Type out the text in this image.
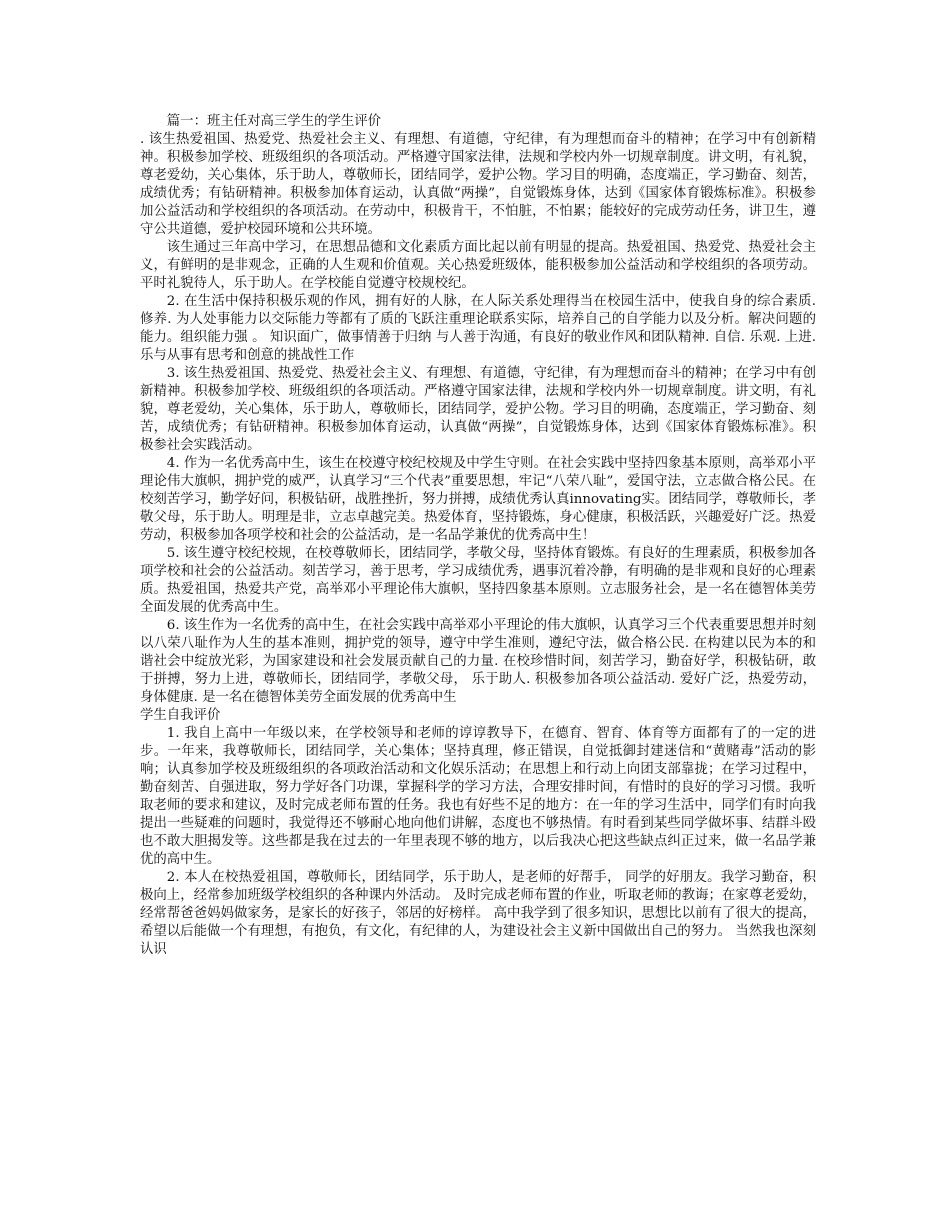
篇一：班主任对高三学生的学生评价

. 该生热爱祖国、热爱党、热爱社会主义、有理想、有道德，守纪律，有为理想而奋斗的精神；在学习中有创新精神。积极参加学校、班级组织的各项活动。严格遵守国家法律，法规和学校内外一切规章制度。讲文明，有礼貌，尊老爱幼，关心集体，乐于助人，尊敬师长，团结同学，爱护公物。学习目的明确，态度端正，学习勤奋、刻苦，成绩优秀；有钻研精神。积极参加体育运动，认真做“两操”，自觉锻炼身体，达到《国家体育锻炼标准》。积极参加公益活动和学校组织的各项活动。在劳动中，积极肯干，不怕脏，不怕累；能较好的完成劳动任务，讲卫生，遵守公共道德，爱护校园环境和公共环境。

该生通过三年高中学习，在思想品德和文化素质方面比起以前有明显的提高。热爱祖国、热爱党、热爱社会主义，有鲜明的是非观念，正确的人生观和价值观。关心热爱班级体，能积极参加公益活动和学校组织的各项劳动。平时礼貌待人，乐于助人。在学校能自觉遵守校规校纪。

2. 在生活中保持积极乐观的作风，拥有好的人脉，在人际关系处理得当在校园生活中，使我自身的综合素质. 修养. 为人处事能力以交际能力等都有了质的飞跃注重理论联系实际，培养自己的自学能力以及分析。解决问题的能力。组织能力强 。 知识面广，做事情善于归纳 与人善于沟通，有良好的敬业作风和团队精神. 自信. 乐观. 上进. 乐与从事有思考和创意的挑战性工作

3. 该生热爱祖国、热爱党、热爱社会主义、有理想、有道德，守纪律，有为理想而奋斗的精神；在学习中有创新精神。积极参加学校、班级组织的各项活动。严格遵守国家法律，法规和学校内外一切规章制度。讲文明，有礼貌，尊老爱幼，关心集体，乐于助人，尊敬师长，团结同学，爱护公物。学习目的明确，态度端正，学习勤奋、刻苦，成绩优秀；有钻研精神。积极参加体育运动，认真做“两操”，自觉锻炼身体，达到《国家体育锻炼标准》。积极参社会实践活动。

4. 作为一名优秀高中生，该生在校遵守校纪校规及中学生守则。在社会实践中坚持四象基本原则，高举邓小平理论伟大旗帜，拥护党的威严，认真学习“三个代表”重要思想，牢记“八荣八耻”，爱国守法，立志做合格公民。在校刻苦学习，勤学好问，积极钻研，战胜挫折，努力拼搏，成绩优秀认真innovating实。团结同学，尊敬师长，孝敬父母，乐于助人。明理是非，立志卓越完美。热爱体育，坚持锻炼，身心健康，积极活跃，兴趣爱好广泛。热爱劳动，积极参加各项学校和社会的公益活动，是一名品学兼优的优秀高中生！

5. 该生遵守校纪校规，在校尊敬师长，团结同学，孝敬父母，坚持体育锻炼。有良好的生理素质，积极参加各项学校和社会的公益活动。刻苦学习，善于思考，学习成绩优秀，遇事沉着冷静，有明确的是非观和良好的心理素质。热爱祖国，热爱共产党，高举邓小平理论伟大旗帜，坚持四象基本原则。立志服务社会，是一名在德智体美劳全面发展的优秀高中生。

6. 该生作为一名优秀的高中生，在社会实践中高举邓小平理论的伟大旗帜，认真学习三个代表重要思想并时刻以八荣八耻作为人生的基本准则，拥护党的领导，遵守中学生准则，遵纪守法，做合格公民. 在构建以民为本的和谐社会中绽放光彩，为国家建设和社会发展贡献自己的力量. 在校珍惜时间，刻苦学习，勤奋好学，积极钻研，敢于拼搏，努力上进，尊敬师长，团结同学，孝敬父母， 乐于助人. 积极参加各项公益活动. 爱好广泛，热爱劳动，身体健康. 是一名在德智体美劳全面发展的优秀高中生

学生自我评价

1. 我自上高中一年级以来，在学校领导和老师的谆谆教导下，在德育、智育、体育等方面都有了的一定的进步。一年来，我尊敬师长，团结同学，关心集体；坚持真理，修正错误，自觉抵御封建迷信和“黄赌毒”活动的影响；认真参加学校及班级组织的各项政治活动和文化娱乐活动；在思想上和行动上向团支部靠拢；在学习过程中，勤奋刻苦、自强进取，努力学好各门功课，掌握科学的学习方法，合理安排时间，有惜时的良好的学习习惯。我听取老师的要求和建议，及时完成老师布置的任务。我也有好些不足的地方：在一年的学习生活中，同学们有时向我提出一些疑难的问题时，我觉得还不够耐心地向他们讲解，态度也不够热情。有时看到某些同学做坏事、结群斗殴也不敢大胆揭发等。这些都是我在过去的一年里表现不够的地方，以后我决心把这些缺点纠正过来，做一名品学兼优的高中生。

2. 本人在校热爱祖国，尊敬师长，团结同学，乐于助人，是老师的好帮手， 同学的好朋友。我学习勤奋，积极向上，经常参加班级学校组织的各种课内外活动。 及时完成老师布置的作业，听取老师的教诲；在家尊老爱幼，经常帮爸爸妈妈做家务，是家长的好孩子，邻居的好榜样。 高中我学到了很多知识，思想比以前有了很大的提高，希望以后能做一个有理想，有抱负，有文化，有纪律的人，为建设社会主义新中国做出自己的努力。 当然我也深刻认识
